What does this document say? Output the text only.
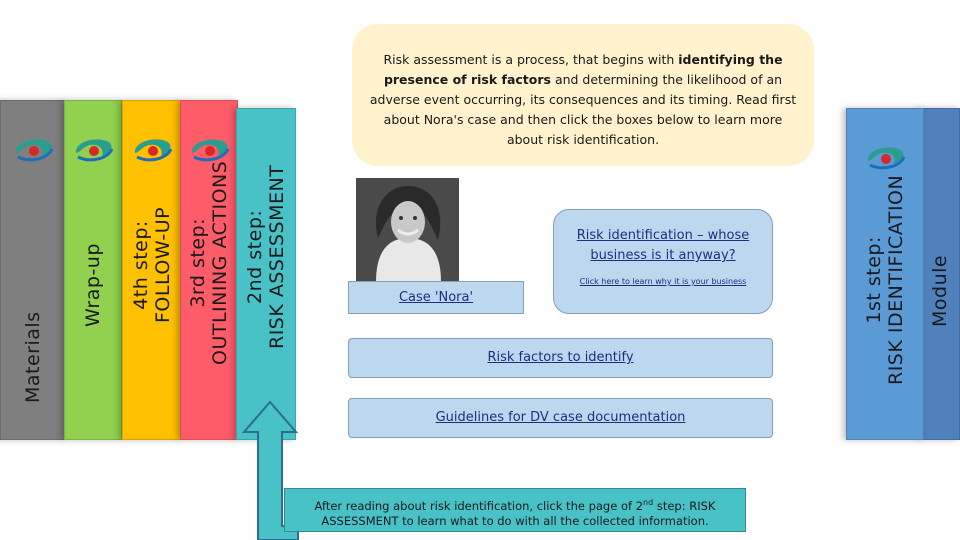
Materials
Wrap-up 4th step: FOLLOW-UP 3rd step: OUTLINING ACTIONS 2nd step: RISK ASSESSMENT	Module
1st step: RISK IDENTIFICATION
Risk assessment is a process, that begins with identifying the presence of risk factors and determining the likelihood of an adverse event occurring, its consequences and its timing. Read first about Nora's case and then click the boxes below to learn more about risk identification.
Case 'Nora'
Risk identification – whose business is it anyway?
Click here to learn why it is your business
Risk factors to identify
Guidelines for DV case documentation
After reading about risk identification, click the page of 2nd step: RISK ASSESSMENT to learn what to do with all the collected information.
